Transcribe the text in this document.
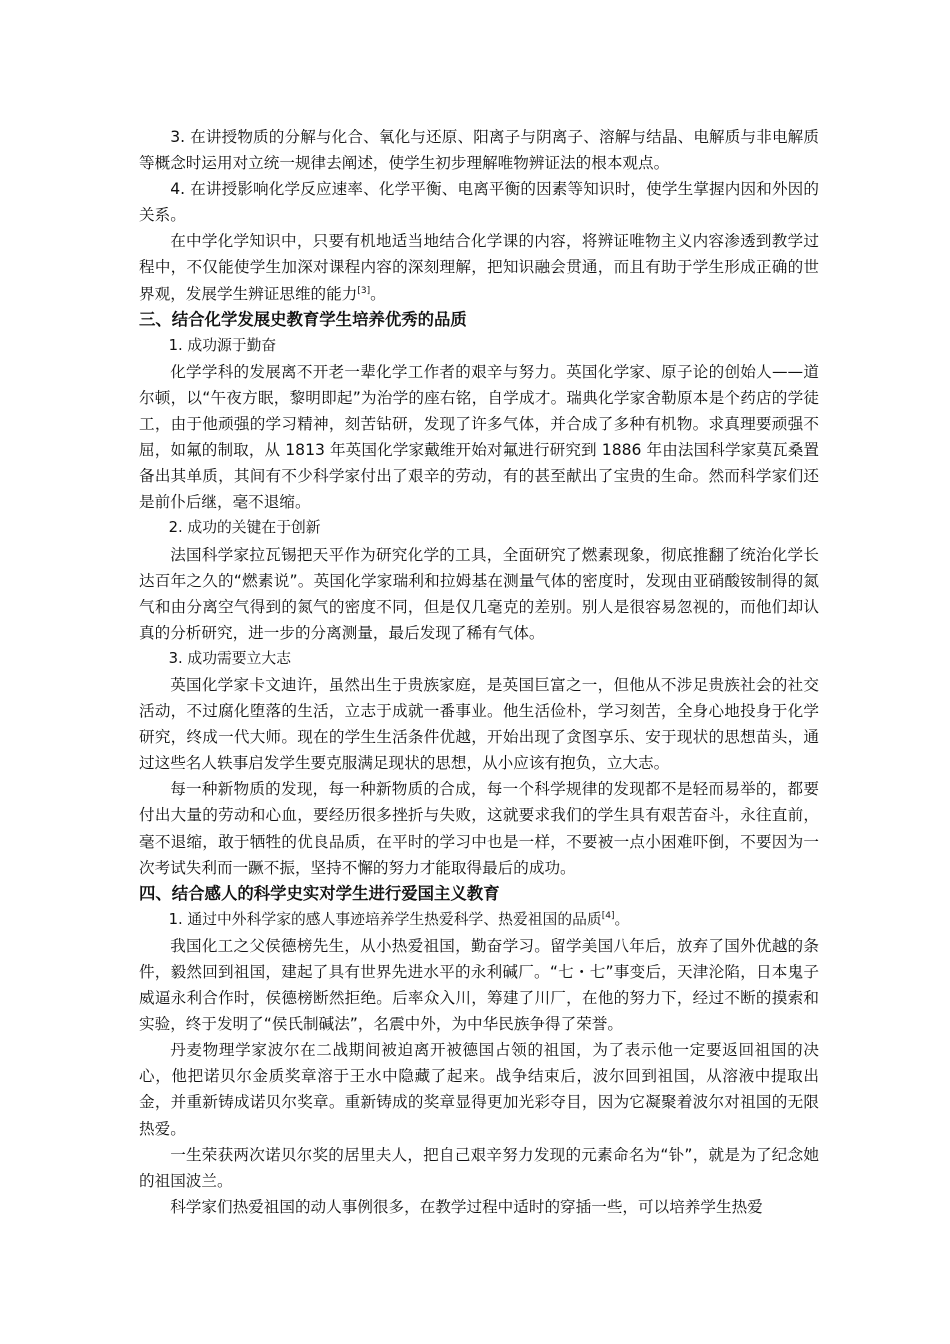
3. 在讲授物质的分解与化合、氧化与还原、阳离子与阴离子、溶解与结晶、电解质与非电解质等概念时运用对立统一规律去阐述，使学生初步理解唯物辨证法的根本观点。

4. 在讲授影响化学反应速率、化学平衡、电离平衡的因素等知识时，使学生掌握内因和外因的关系。

在中学化学知识中，只要有机地适当地结合化学课的内容，将辨证唯物主义内容渗透到教学过程中，不仅能使学生加深对课程内容的深刻理解，把知识融会贯通，而且有助于学生形成正确的世界观，发展学生辨证思维的能力[3]。

三、结合化学发展史教育学生培养优秀的品质

1. 成功源于勤奋

化学学科的发展离不开老一辈化学工作者的艰辛与努力。英国化学家、原子论的创始人——道尔顿，以“午夜方眠，黎明即起”为治学的座右铭，自学成才。瑞典化学家舍勒原本是个药店的学徒工，由于他顽强的学习精神，刻苦钻研，发现了许多气体，并合成了多种有机物。求真理要顽强不屈，如氟的制取，从 1813 年英国化学家戴维开始对氟进行研究到 1886 年由法国科学家莫瓦桑置备出其单质，其间有不少科学家付出了艰辛的劳动，有的甚至献出了宝贵的生命。然而科学家们还是前仆后继，毫不退缩。

2. 成功的关键在于创新

法国科学家拉瓦锡把天平作为研究化学的工具，全面研究了燃素现象，彻底推翻了统治化学长达百年之久的“燃素说”。英国化学家瑞利和拉姆基在测量气体的密度时，发现由亚硝酸铵制得的氮气和由分离空气得到的氮气的密度不同，但是仅几毫克的差别。别人是很容易忽视的，而他们却认真的分析研究，进一步的分离测量，最后发现了稀有气体。

3. 成功需要立大志

英国化学家卡文迪许，虽然出生于贵族家庭，是英国巨富之一，但他从不涉足贵族社会的社交活动，不过腐化堕落的生活，立志于成就一番事业。他生活俭朴，学习刻苦，全身心地投身于化学研究，终成一代大师。现在的学生生活条件优越，开始出现了贪图享乐、安于现状的思想苗头，通过这些名人轶事启发学生要克服满足现状的思想，从小应该有抱负，立大志。

每一种新物质的发现，每一种新物质的合成，每一个科学规律的发现都不是轻而易举的，都要付出大量的劳动和心血，要经历很多挫折与失败，这就要求我们的学生具有艰苦奋斗，永往直前，毫不退缩，敢于牺牲的优良品质，在平时的学习中也是一样，不要被一点小困难吓倒，不要因为一次考试失利而一蹶不振，坚持不懈的努力才能取得最后的成功。

四、结合感人的科学史实对学生进行爱国主义教育

1. 通过中外科学家的感人事迹培养学生热爱科学、热爱祖国的品质[4]。

我国化工之父侯德榜先生，从小热爱祖国，勤奋学习。留学美国八年后，放弃了国外优越的条件，毅然回到祖国，建起了具有世界先进水平的永利碱厂。“七・七”事变后，天津沦陷，日本鬼子威逼永利合作时，侯德榜断然拒绝。后率众入川，筹建了川厂，在他的努力下，经过不断的摸索和实验，终于发明了“侯氏制碱法”，名震中外，为中华民族争得了荣誉。

丹麦物理学家波尔在二战期间被迫离开被德国占领的祖国，为了表示他一定要返回祖国的决心，他把诺贝尔金质奖章溶于王水中隐藏了起来。战争结束后，波尔回到祖国，从溶液中提取出金，并重新铸成诺贝尔奖章。重新铸成的奖章显得更加光彩夺目，因为它凝聚着波尔对祖国的无限热爱。

一生荣获两次诺贝尔奖的居里夫人，把自己艰辛努力发现的元素命名为“钋”，就是为了纪念她的祖国波兰。

科学家们热爱祖国的动人事例很多，在教学过程中适时的穿插一些，可以培养学生热爱
